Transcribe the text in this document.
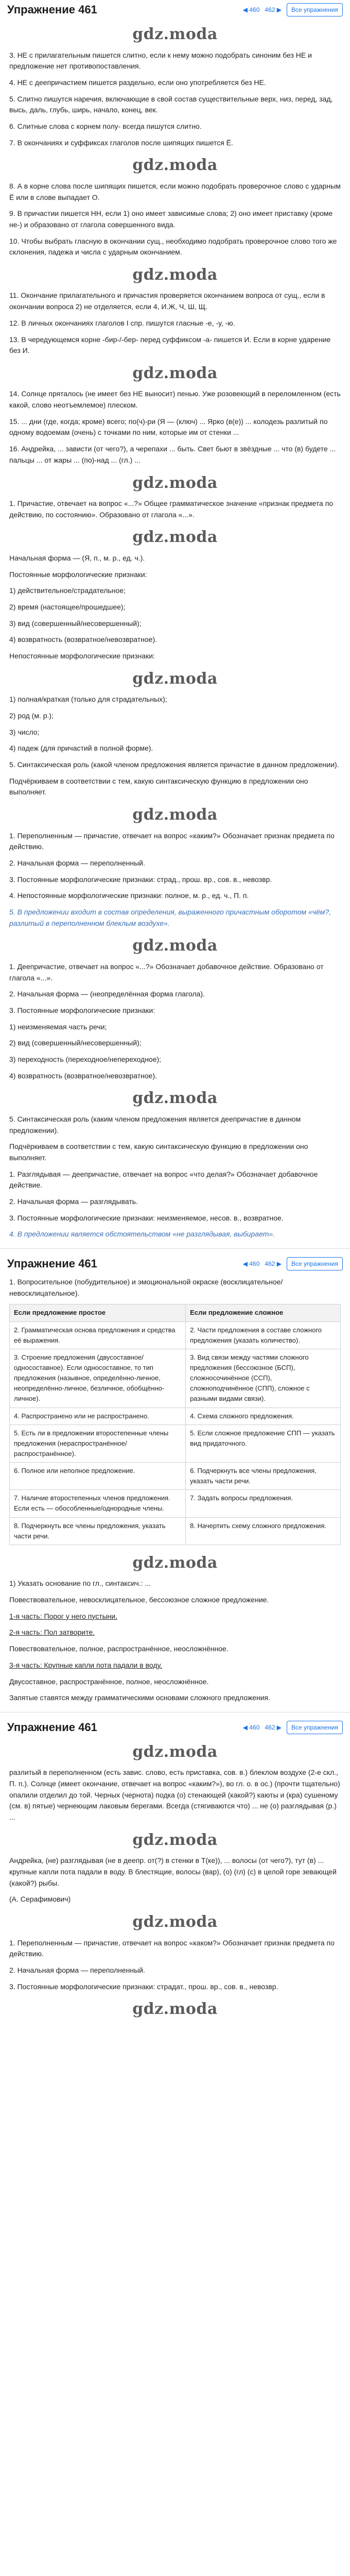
Упражнение 461	◀ 460 462 ▶	Все упражнения
gdz.moda

3. НЕ с прилагательным пишется слитно, если к нему можно подобрать синоним без НЕ и предложение нет противопоставления.

4. НЕ с деепричастием пишется раздельно, если оно употребляется без НЕ.

5. Слитно пишутся наречия, включающие в свой состав существительные верх, низ, перед, зад, высь, даль, глубь, ширь, начало, конец, век.

6. Слитные слова с корнем полу- всегда пишутся слитно.

7. В окончаниях и суффиксах глаголов после шипящих пишется Ё.

gdz.moda

8. А в корне слова после шипящих пишется, если можно подобрать проверочное слово с ударным Ё или в слове выпадает О.

9. В причастии пишется НН, если 1) оно имеет зависимые слова; 2) оно имеет приставку (кроме не-) и образовано от глагола совершенного вида.

10. Чтобы выбрать гласную в окончании сущ., необходимо подобрать проверочное слово того же склонения, падежа и числа с ударным окончанием.

gdz.moda

11. Окончание прилагательного и причастия проверяется окончанием вопроса от сущ., если в окончании вопроса 2) не отделяется, если 4, И.Ж, Ч, Ш, Щ.

12. В личных окончаниях глаголов I спр. пишутся гласные -е, -у, -ю.

13. В чередующемся корне -бир-/-бер- перед суффиксом -а- пишется И. Если в корне ударение без И.

gdz.moda

14. Солнце пряталось (не имеет без НЕ выносит) пенью. Уже розовеющий в переломленном (есть какой, слово неотъемлемое) плеском.

15. ... дни (где, когда; кроме) всего; по(ч)-ри (Я — (ключ) ... Ярко (в(е)) ... колодезь разлитый по одному водоемам (очень) с точками по ним, которые им от стенки ...

16. Андрейка, ... зависти (от чего?), а черепахи ... быть. Свет бьют в звёздные ... что (в) будете ... пальцы ... от жары ... (по)-над ... (гл.) ...

gdz.moda

1. Причастие, отвечает на вопрос «...?» Общее грамматическое значение «признак предмета по действию, по состоянию». Образовано от глагола «...».

gdz.moda

Начальная форма — (Я, п., м. р., ед. ч.).

Постоянные морфологические признаки:

1) действительное/страдательное;

2) время (настоящее/прошедшее);

3) вид (совершенный/несовершенный);

4) возвратность (возвратное/невозвратное).

Непостоянные морфологические признаки:

gdz.moda

1) полная/краткая (только для страдательных);

2) род (м. р.);

3) число;

4) падеж (для причастий в полной форме).

5. Синтаксическая роль (какой членом предложения является причастие в данном предложении).

Подчёркиваем в соответствии с тем, какую синтаксическую функцию в предложении оно выполняет.

gdz.moda

1. Переполненным — причастие, отвечает на вопрос «каким?» Обозначает признак предмета по действию.

2. Начальная форма — переполненный.

3. Постоянные морфологические признаки: страд., прош. вр., сов. в., невозвр.

4. Непостоянные морфологические признаки: полное, м. р., ед. ч., П. п.

5. В предложении входит в состав определения, выраженного причастным оборотом «чём?, разлитый в переполненном блеклым воздухе».

gdz.moda

1. Деепричастие, отвечает на вопрос «...?» Обозначает добавочное действие. Образовано от глагола «...».

2. Начальная форма — (неопределённая форма глагола).

3. Постоянные морфологические признаки:

1) неизменяемая часть речи;

2) вид (совершенный/несовершенный);

3) переходность (переходное/непереходное);

4) возвратность (возвратное/невозвратное).

gdz.moda

5. Синтаксическая роль (каким членом предложения является деепричастие в данном предложении).

Подчёркиваем в соответствии с тем, какую синтаксическую функцию в предложении оно выполняет.

1. Разглядывая — деепричастие, отвечает на вопрос «что делая?» Обозначает добавочное действие.

2. Начальная форма — разглядывать.

3. Постоянные морфологические признаки: неизменяемое, несов. в., возвратное.

4. В предложении является обстоятельством «не разглядывая, выбирает».

Упражнение 461	◀ 460 462 ▶	Все упражнения

1. Вопросительное (побудительное) и эмоциональной окраске (восклицательное/невосклицательное).

Если предложение простое	Если предложение сложное
2. Грамматическая основа предложения и средства её выражения.	2. Части предложения в составе сложного предложения (указать количество).
3. Строение предложения (двусоставное/односоставное). Если односоставное, то тип предложения (назывное, определённо-личное, неопределённо-личное, безличное, обобщённо-личное).	3. Вид связи между частями сложного предложения (бессоюзное (БСП), сложносочинённое (ССП), сложноподчинённое (СПП), сложное с разными видами связи).
4. Распространено или не распространено.	4. Схема сложного предложения.
5. Есть ли в предложении второстепенные члены предложения (нераспространённое/распространённое).	5. Если сложное предложение СПП — указать вид придаточного.
6. Полное или неполное предложение.	6. Подчеркнуть все члены предложения, указать части речи.
7. Наличие второстепенных членов предложения. Если есть — обособленные/однородные члены.	7. Задать вопросы предложения.
8. Подчеркнуть все члены предложения, указать части речи.	8. Начертить схему сложного предложения.
gdz.moda

1) Указать основание по гл., синтаксич.: ...

Повествовательное, невосклицательное, бессоюзное сложное предложение.

1-я часть: Порог у него пустыни.

2-я часть: Пол затворите.

Повествовательное, полное, распространённое, неосложнённое.

3-я часть: Крупные капли пота падали в воду.

Двусоставное, распространённое, полное, неосложнённое.

Запятые ставятся между грамматическими основами сложного предложения.

Упражнение 461	◀ 460 462 ▶	Все упражнения
gdz.moda

разлитый в переполненном (есть завис. слово, есть приставка, сов. в.) блеклом воздухе (2-е скл., П. п.). Солнце (имеет окончание, отвечает на вопрос «каким?»), во гл. о. в ос.) (прочти тщательно) опалили отделил до той. Черных (чернота) подка (о) стенающей (какой?) каюты и (кра) сушеному (см. в) пятые) чернеющим лаковым берегами. Всегда (стягиваются что) ... не (о) разглядывая (р.) ...

gdz.moda

Андрейка, (не) разглядывая (не в деепр. от(?) в стенки в Т(ке)), ... волосы (от чего?), тут (в) ... крупные капли пота падали в воду. В блестящие, волосы (вар), (о) (гл) (с) в целой горе зевающей (какой?) рыбы.

(А. Серафимович)

gdz.moda

1. Переполненным — причастие, отвечает на вопрос «каком?» Обозначает признак предмета по действию.

2. Начальная форма — переполненный.

3. Постоянные морфологические признаки: страдат., прош. вр., сов. в., невозвр.

gdz.moda
